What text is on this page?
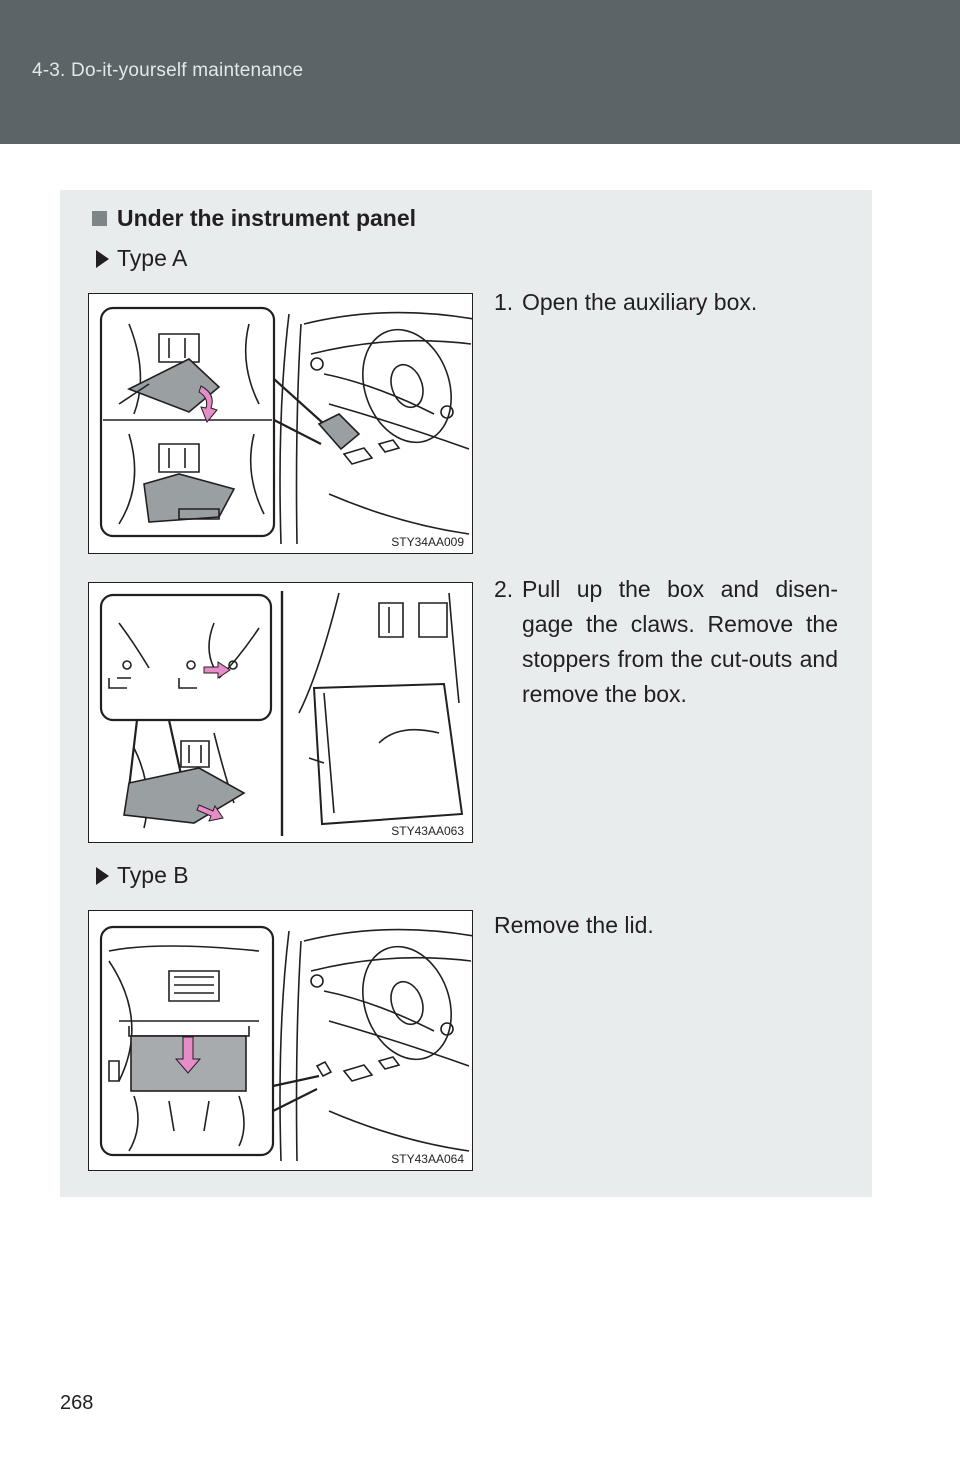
4-3. Do-it-yourself maintenance
Under the instrument panel
Type A
STY34AA009
1. Open the auxiliary box.
STY43AA063
2. Pull up the box and disen-gage the claws. Remove the stoppers from the cut-outs and remove the box.
Type B
STY43AA064
Remove the lid.
268
